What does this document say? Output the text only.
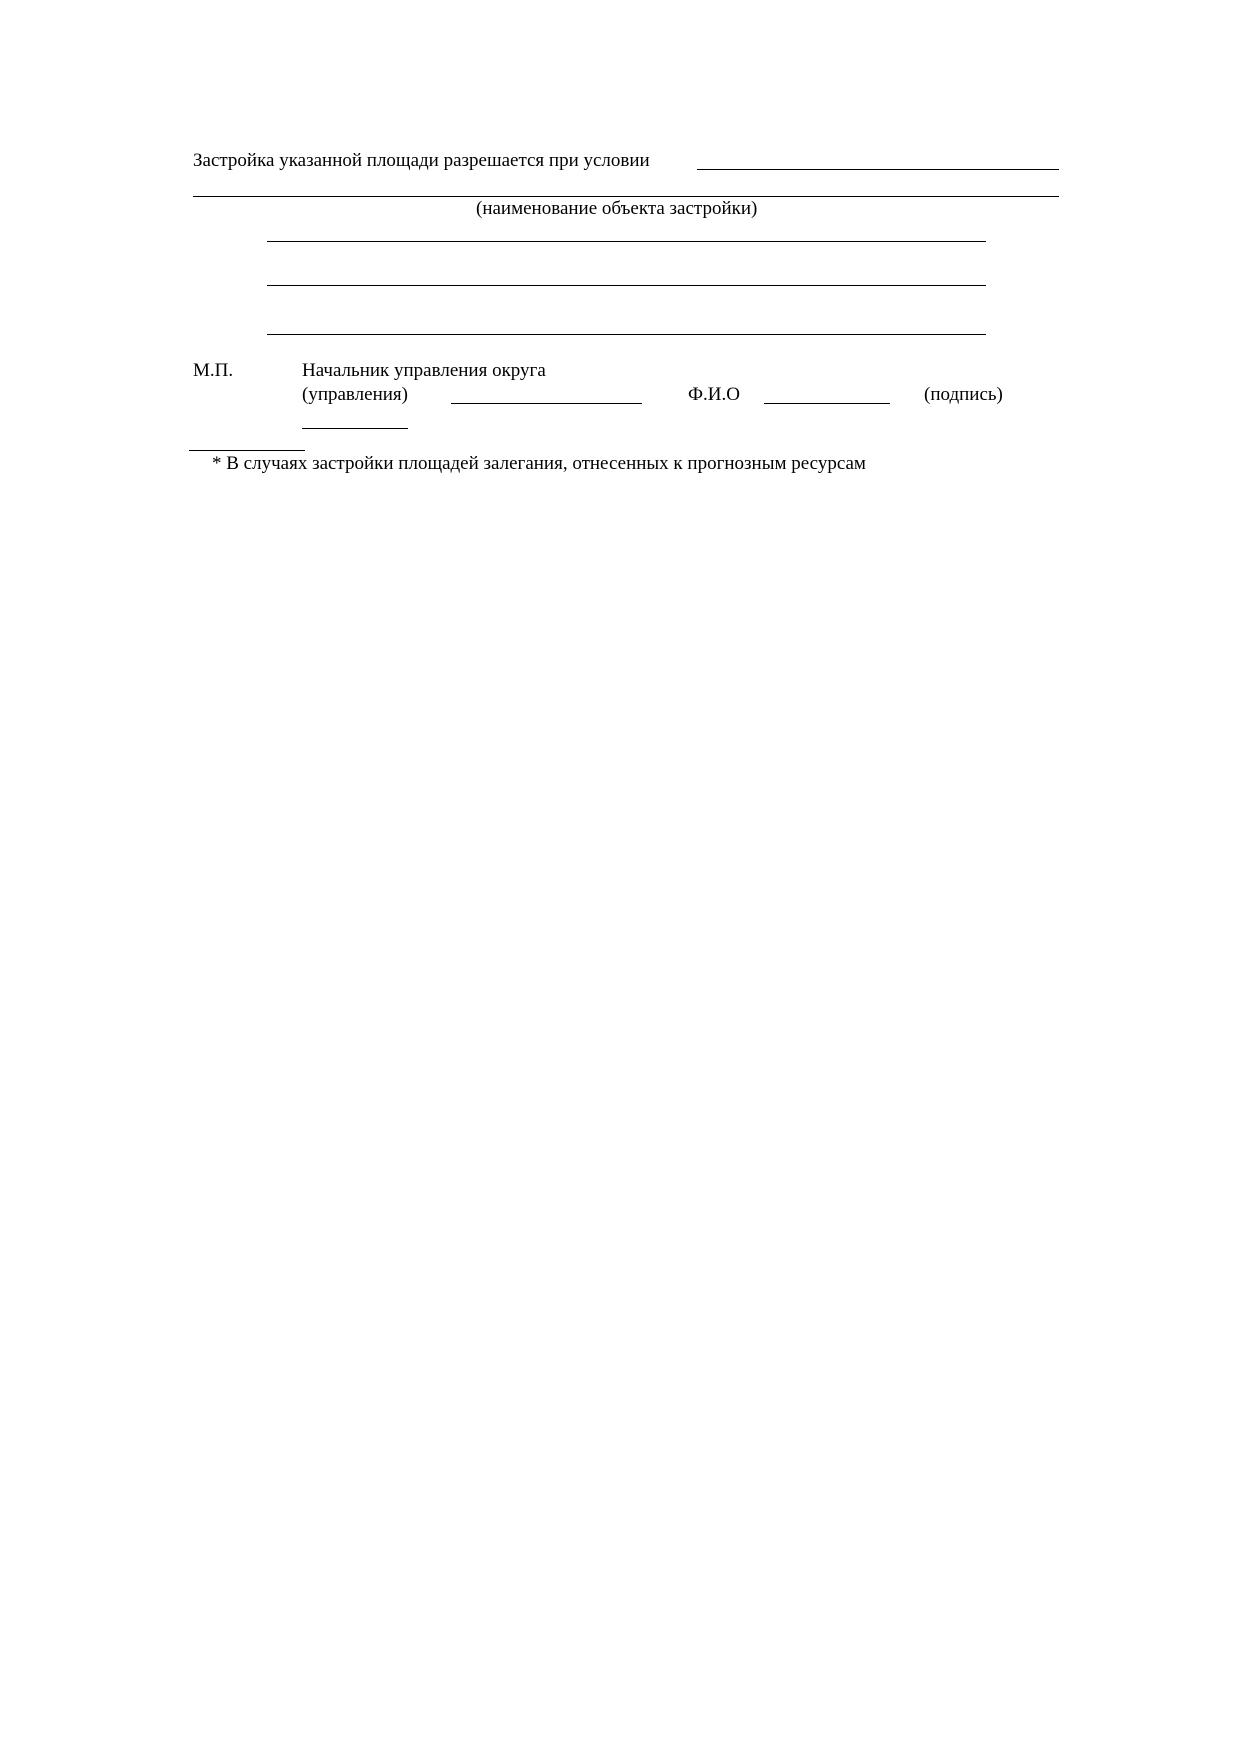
Застройка указанной площади разрешается при условии
(наименование объекта застройки)
М.П.	Начальник управления округа
(управления)	Ф.И.О	(подпись)
* В случаях застройки площадей залегания, отнесенных к прогнозным ресурсам
